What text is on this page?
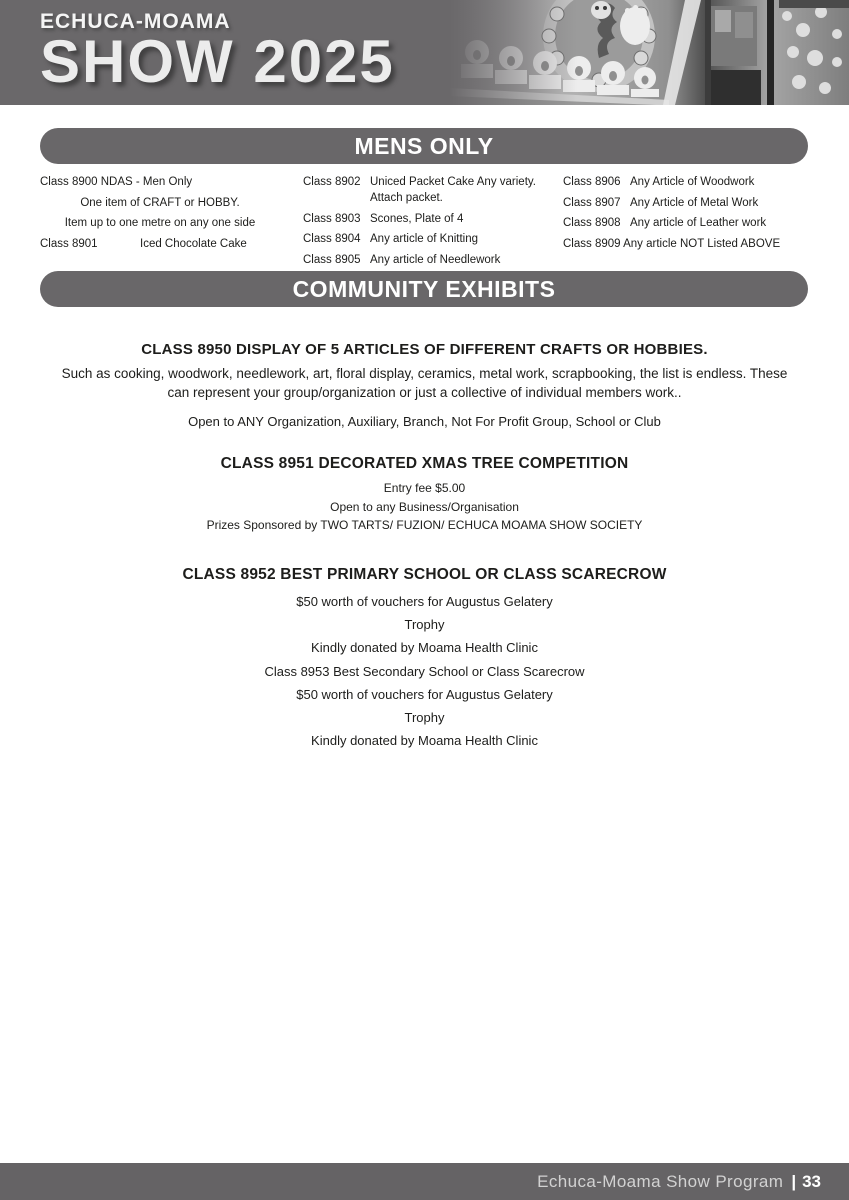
ECHUCA-MOAMA
SHOW 2025
MENS ONLY
Class 8900 NDAS - Men Only
One item of CRAFT or HOBBY.
Item up to one metre on any one side
Class 8901	Iced Chocolate Cake
Class 8902 Uniced Packet Cake Any variety.
Attach packet.
Class 8903 Scones, Plate of 4
Class 8904 Any article of Knitting
Class 8905 Any article of Needlework
Class 8906 Any Article of Woodwork
Class 8907 Any Article of Metal Work
Class 8908 Any article of Leather work
Class 8909 Any article NOT Listed ABOVE
COMMUNITY EXHIBITS
CLASS 8950 DISPLAY OF 5 ARTICLES OF DIFFERENT CRAFTS OR HOBBIES.
Such as cooking, woodwork, needlework, art, floral display, ceramics, metal work, scrapbooking, the list is endless. These can represent your group/organization or just a collective of individual members work..
Open to ANY Organization, Auxiliary, Branch, Not For Profit Group, School or Club
CLASS 8951 DECORATED XMAS TREE COMPETITION
Entry fee $5.00
Open to any Business/Organisation
Prizes Sponsored by TWO TARTS/ FUZION/ ECHUCA MOAMA SHOW SOCIETY
CLASS 8952 BEST PRIMARY SCHOOL OR CLASS SCARECROW
$50 worth of vouchers for Augustus Gelatery
Trophy
Kindly donated by Moama Health Clinic
Class 8953 Best Secondary School or Class Scarecrow
$50 worth of vouchers for Augustus Gelatery
Trophy
Kindly donated by Moama Health Clinic
Echuca-Moama Show Program | 33
